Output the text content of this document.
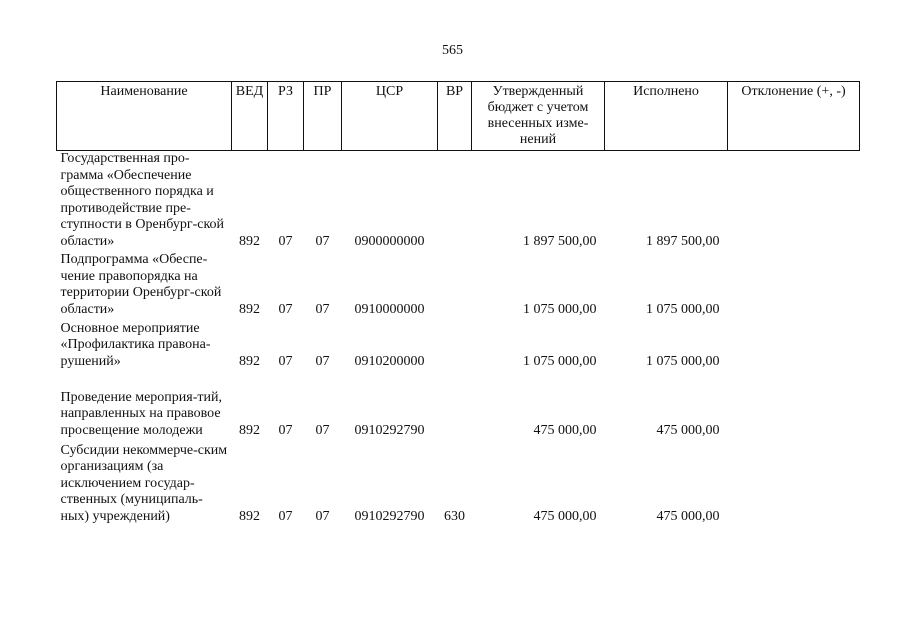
565
Наименование	ВЕД	РЗ	ПР	ЦСР	ВР	Утвержденный бюджет с учетом внесенных изме-нений	Исполнено	Отклонение (+, -)
Государственная про-грамма «Обеспечение общественного порядка и противодействие пре-ступности в Оренбург-ской области»	892	07	07	0900000000		1 897 500,00	1 897 500,00	
Подпрограмма «Обеспе-чение правопорядка на территории Оренбург-ской области»	892	07	07	0910000000		1 075 000,00	1 075 000,00	
Основное мероприятие «Профилактика правона-рушений»	892	07	07	0910200000		1 075 000,00	1 075 000,00	
Проведение мероприя-тий, направленных на правовое просвещение молодежи	892	07	07	0910292790		475 000,00	475 000,00	
Субсидии некоммерче-ским организациям (за исключением государ-ственных (муниципаль-ных) учреждений)	892	07	07	0910292790	630	475 000,00	475 000,00	
